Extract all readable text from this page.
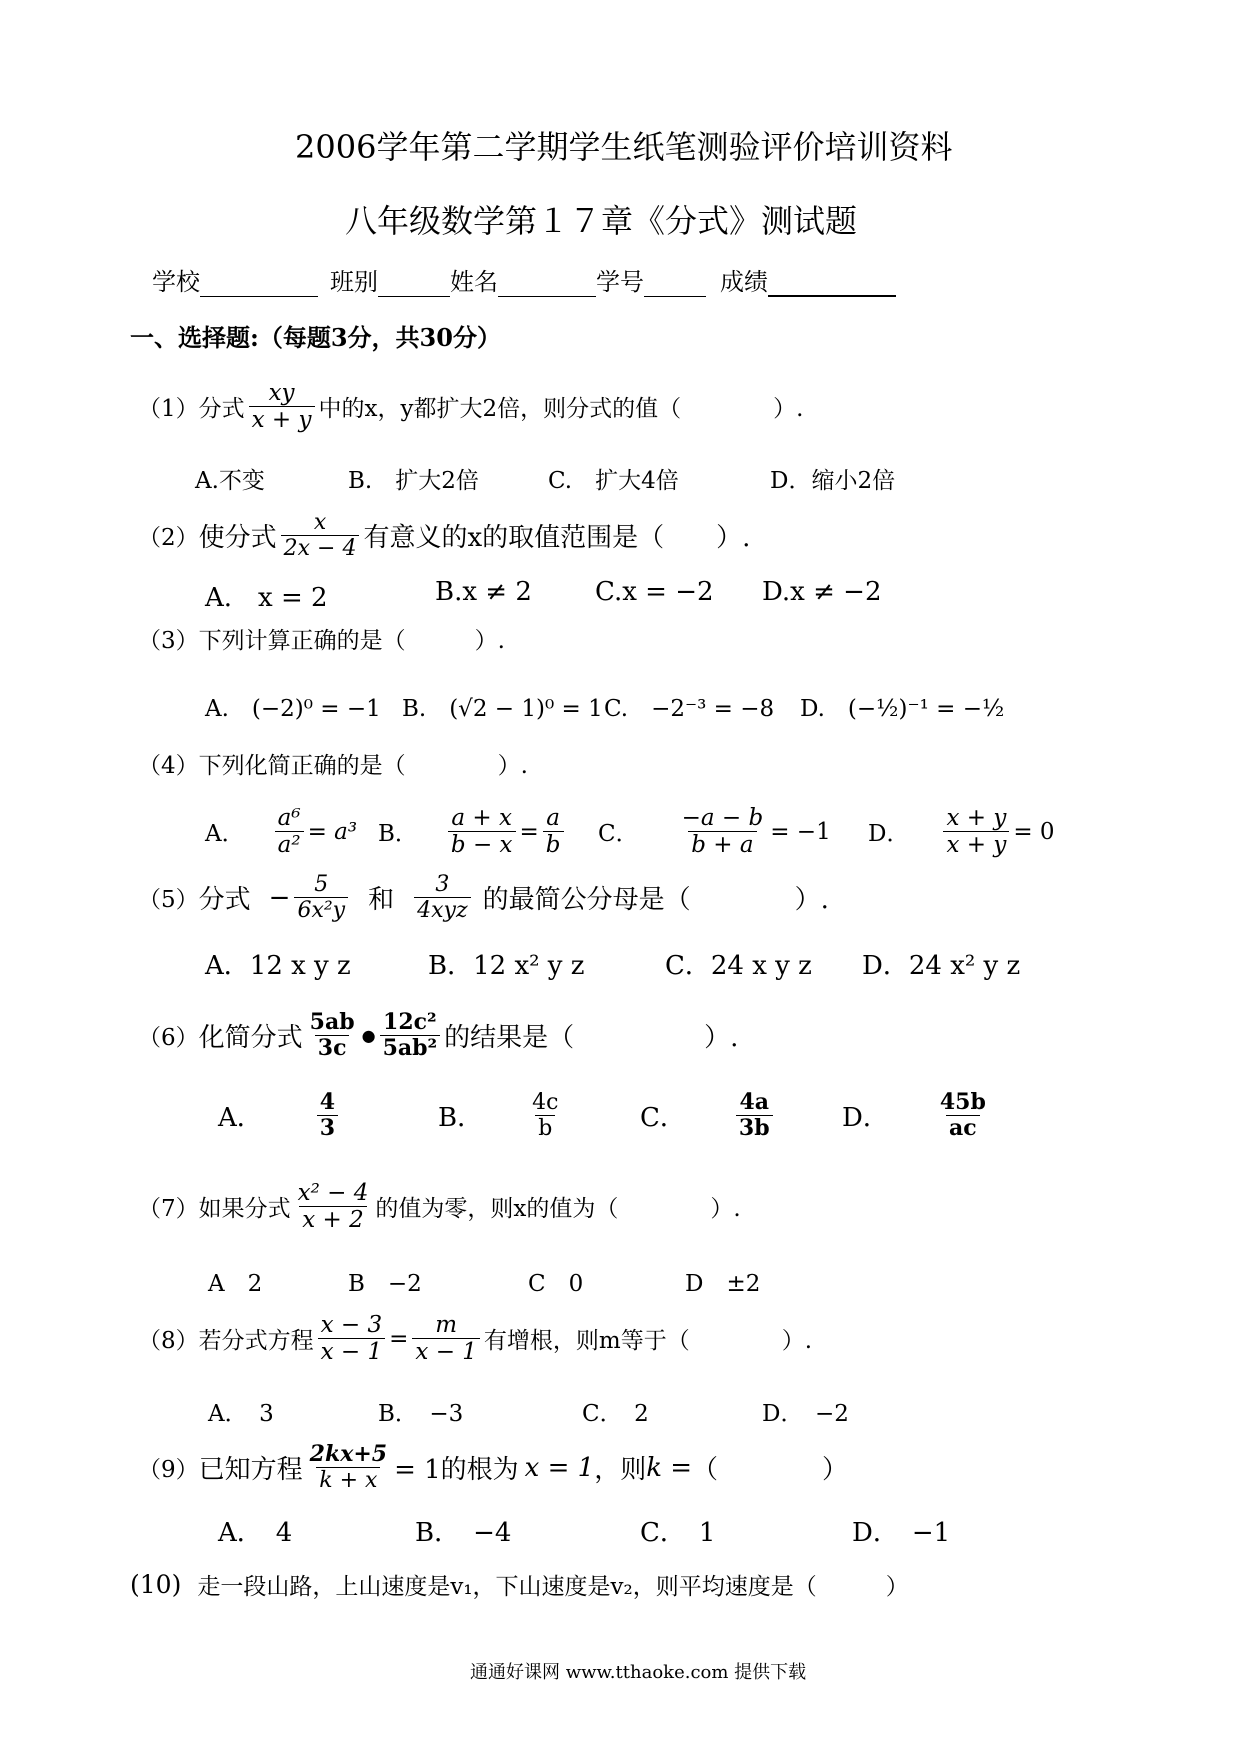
2006学年第二学期学生纸笔测验评价培训资料
八年级数学第１７章《分式》测试题
学校	班别	姓名	学号	成绩
一、选择题:（每题3分，共30分）
（1） 分式 $\frac{xy}{x + y}$ 中的x，y都扩大2倍，则分式的值（　　　　）.
A.不变	B.　扩大2倍	C.　扩大4倍	D．缩小2倍
（2） 使分式 $\frac{x}{2x - 4}$ 有意义的x的取值范围是（　　）.
A.　x = 2	B.x ≠ 2 C.x = −2 D.x ≠ −2
（3） 下列计算正确的是（　　　）.
A.　(−2)⁰ = −1 B.　(√2 − 1)⁰ = 1 C.　−2⁻³ = −8 D.　(−½)⁻¹ = −½
（4） 下列化简正确的是（　　　　）.
A． $\frac{\text{a⁶}}{\text{a²}} = a^3$ B． $\frac{a + x}{b - x} = \frac{a}{b}$ C． $\frac{-a - b}{b + a} = -1$ D． $\frac{x + y}{x + y} = 0$
（5） 分式 − $\frac{5}{\text{6x²y}}$ 和 $\frac{3}{\text{4xyz}}$ 的最简公分母是（　　　　）.
A．12 x y z	B．12 x² y z	C．24 x y z D．24 x² y z
（6） 化简分式 $\frac{5ab}{3c}$ ● $\frac{\text{12c²}}{\text{5ab²}}$ 的结果是（　　　　　）.
A． $\frac{4}{3}$	B． $\frac{4c}{b}$	C． $\frac{4a}{3b}$	D． $\frac{45b}{ac}$
（7） 如果分式 $\frac{\text{x² − 4}}{x + 2}$ 的值为零，则x的值为（　　　　）.
A　2	B　−2	C　0	D　±2
（8） 若分式方程 $\frac{x - 3}{x - 1} = \frac{m}{x - 1}$ 有增根，则m等于（　　　　）.
A．　3	B．　−3	C．　2	D．　−2
（9） 已知方程 $\frac{2kx+5}{k + x} = 1$的根为 x = 1 ，则 k = （　　　　）
A．　4	B．　−4	C．　1	D．　−1
(10) 走一段山路，上山速度是v₁，下山速度是v₂，则平均速度是（　　　）
通通好课网 www.tthaoke.com 提供下载
